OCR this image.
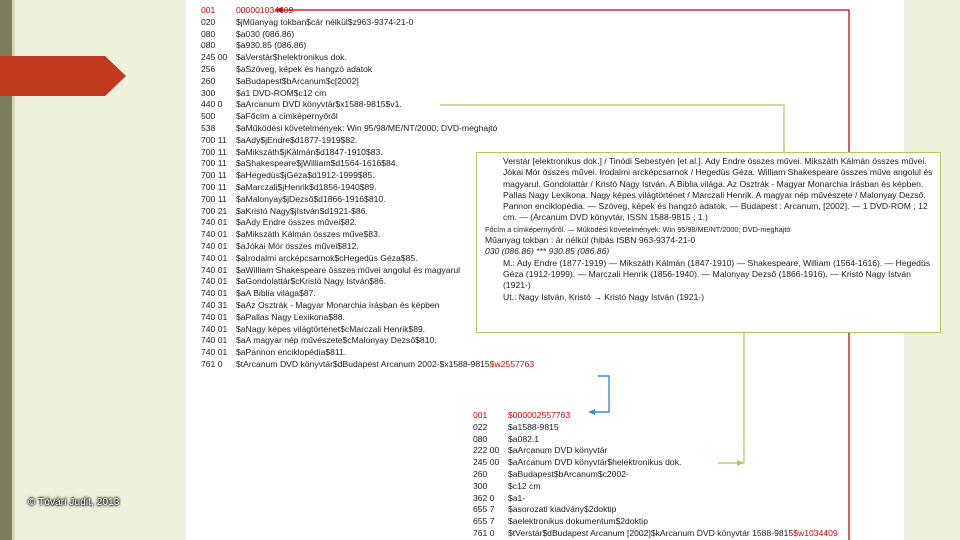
© Tóvári Judit, 2013
001 000001034409
020 $jMűanyag tokban$cár nélkül$z963-9374-21-0
080 $a030 (086.86)
080 $a930.85 (086.86)
245 00 $aVerstár$helektronikus dok.
256 $aSzöveg, képek és hangzó adatok
260 $aBudapest$bArcanum$c[2002]
300 $a1 DVD-ROM$c12 cm
440 0 $aArcanum DVD könyvtár$x1588-9815$v1.
500 $aFőcím a címképernyőről
538 $aMűködési követelmények: Win 95/98/ME/NT/2000; DVD-meghajtó
700 11 $aAdy$jEndre$d1877-1919$82.
700 11 $aMikszáth$jKálmán$d1847-1910$83.
700 11 $aShakespeare$jWilliam$d1564-1616$84.
700 11 $aHegedüs$jGéza$d1912-1999$85.
700 11 $aMarczali$jHenrik$d1856-1940$89.
700 11 $aMalonyay$jDezső$d1866-1916$810.
700 21 $aKristó Nagy$jIstván$d1921-$86.
740 01 $aAdy Endre összes művei$82.
740 01 $aMikszáth Kálmán összes műve$83.
740 01 $aJókai Mór összes művei$812.
740 01 $aIrodalmi arcképcsarnok$cHegedüs Géza$85.
740 01 $aWilliam Shakespeare összes művei angolul és magyarul
740 01 $aGondolattár$cKristó Nagy István$86.
740 01 $aA Biblia világa$87.
740 31 $aAz Osztrák - Magyar Monarchia írásban és képben
740 01 $aPallas Nagy Lexikona$88.
740 01 $aNagy képes világtörténet$cMarczali Henrik$89.
740 01 $aA magyar nép művészete$cMalonyay Dezső$810.
740 01 $aPannon enciklopédia$811.
761 0 $tArcanum DVD könyvtár$dBudapest Arcanum 2002-$x1588-9815$w2557763
001 $000002557763
022 $a1588-9815
080 $a082.1
222 00 $aArcanum DVD könyvtár
245 00 $aArcanum DVD könyvtár$helektronikus dok.
260 $aBudapest$bArcanum$c2002-
300 $c12 cm
362 0 $a1-
655 7 $asorozati kiadvány$2doktip
655 7 $aelektronikus dokumentum$2doktip
761 0 $tVerstár$dBudapest Arcanum [2002]$kArcanum DVD könyvtár 1588-9815$w1034409

Verstár [elektronikus dok.] / Tinódi Sebestyén [et al.]. Ady Endre összes művei. Mikszáth Kálmán összes művei. Jókai Mór összes művei. Irodalmi arcképcsarnok / Hegedüs Géza. William Shakespeare összes műve angolul és magyarul. Gondolattár / Kristó Nagy István. A Biblia világa. Az Osztrák - Magyar Monarchia írásban és képben. Pallas Nagy Lexikona. Nagy képes világtörténet / Marczali Henrik. A magyar nép művészete / Malonyay Dezső. Pannon enciklopédia. — Szöveg, képek és hangzó adatok. — Budapest : Arcanum, [2002]. — 1 DVD-ROM ; 12 cm. — (Arcanum DVD könyvtár, ISSN 1588-9815 ; 1.)

Főcím a címképernyőről. — Működési követelmények: Win 95/98/ME/NT/2000; DVD-meghajtó

Műanyag tokban : ár nélkül (hibás ISBN 963-9374-21-0

030 (086.86) *** 930.85 (086.86)

M.: Ady Endre (1877-1919) — Mikszáth Kálmán (1847-1910) — Shakespeare, William (1564-1616). — Hegedüs Géza (1912-1999). — Marczali Henrik (1856-1940). — Malonyay Dezső (1866-1916). — Kristó Nagy István (1921-)

Ut.: Nagy István, Kristó → Kristó Nagy István (1921-)
